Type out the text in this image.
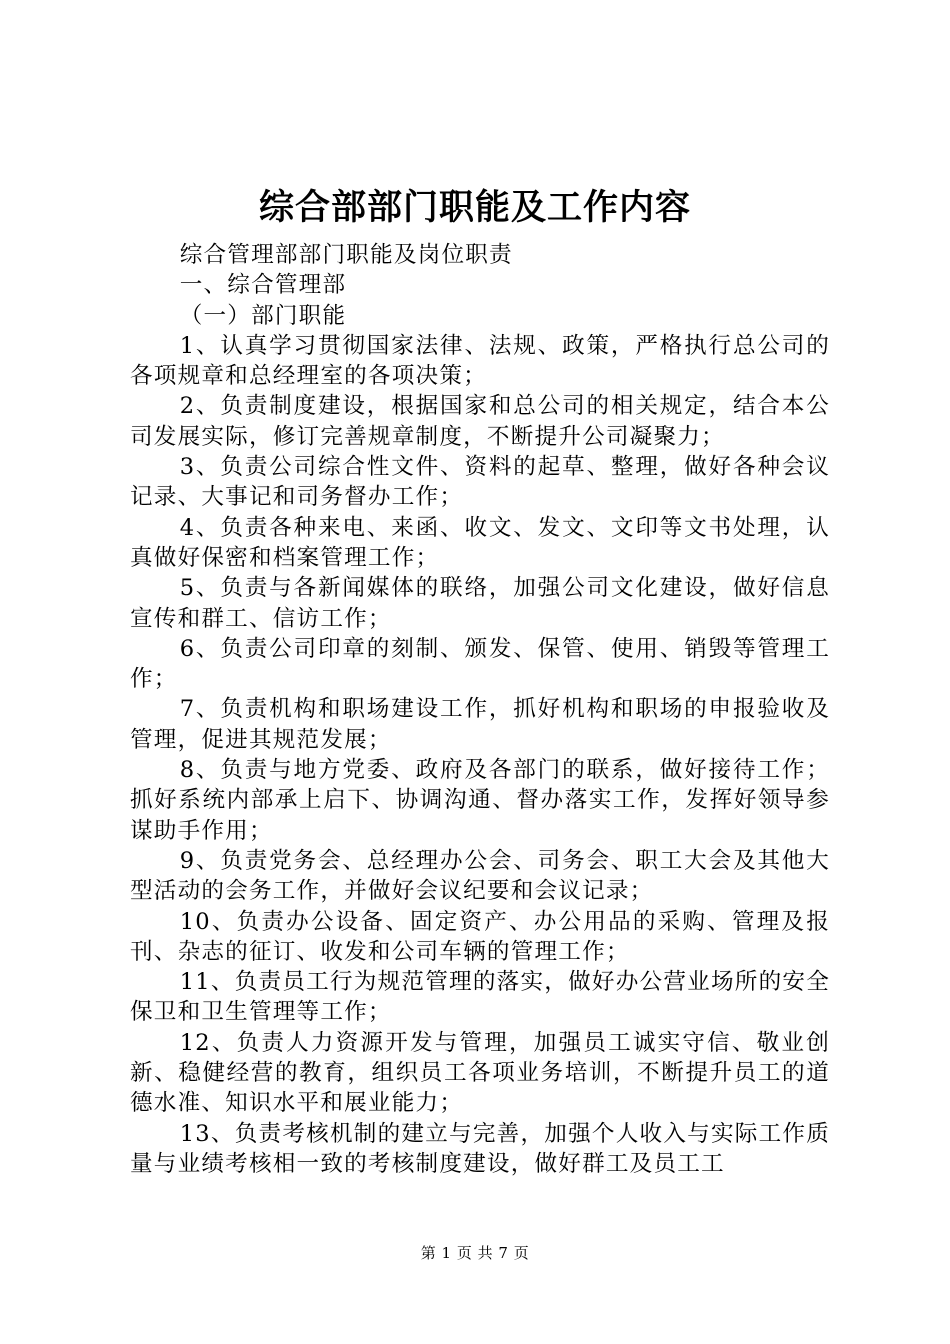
综合部部门职能及工作内容

综合管理部部门职能及岗位职责

一、综合管理部

（一）部门职能

1、认真学习贯彻国家法律、法规、政策，严格执行总公司的各项规章和总经理室的各项决策；

2、负责制度建设，根据国家和总公司的相关规定，结合本公司发展实际，修订完善规章制度，不断提升公司凝聚力；

3、负责公司综合性文件、资料的起草、整理，做好各种会议记录、大事记和司务督办工作；

4、负责各种来电、来函、收文、发文、文印等文书处理，认真做好保密和档案管理工作；

5、负责与各新闻媒体的联络，加强公司文化建设，做好信息宣传和群工、信访工作；

6、负责公司印章的刻制、颁发、保管、使用、销毁等管理工作；

7、负责机构和职场建设工作，抓好机构和职场的申报验收及管理，促进其规范发展；

8、负责与地方党委、政府及各部门的联系，做好接待工作；抓好系统内部承上启下、协调沟通、督办落实工作，发挥好领导参谋助手作用；

9、负责党务会、总经理办公会、司务会、职工大会及其他大型活动的会务工作，并做好会议纪要和会议记录；

10、负责办公设备、固定资产、办公用品的采购、管理及报刊、杂志的征订、收发和公司车辆的管理工作；

11、负责员工行为规范管理的落实，做好办公营业场所的安全保卫和卫生管理等工作；

12、负责人力资源开发与管理，加强员工诚实守信、敬业创新、稳健经营的教育，组织员工各项业务培训，不断提升员工的道德水准、知识水平和展业能力；

13、负责考核机制的建立与完善，加强个人收入与实际工作质量与业绩考核相一致的考核制度建设，做好群工及员工工

第 1 页 共 7 页
